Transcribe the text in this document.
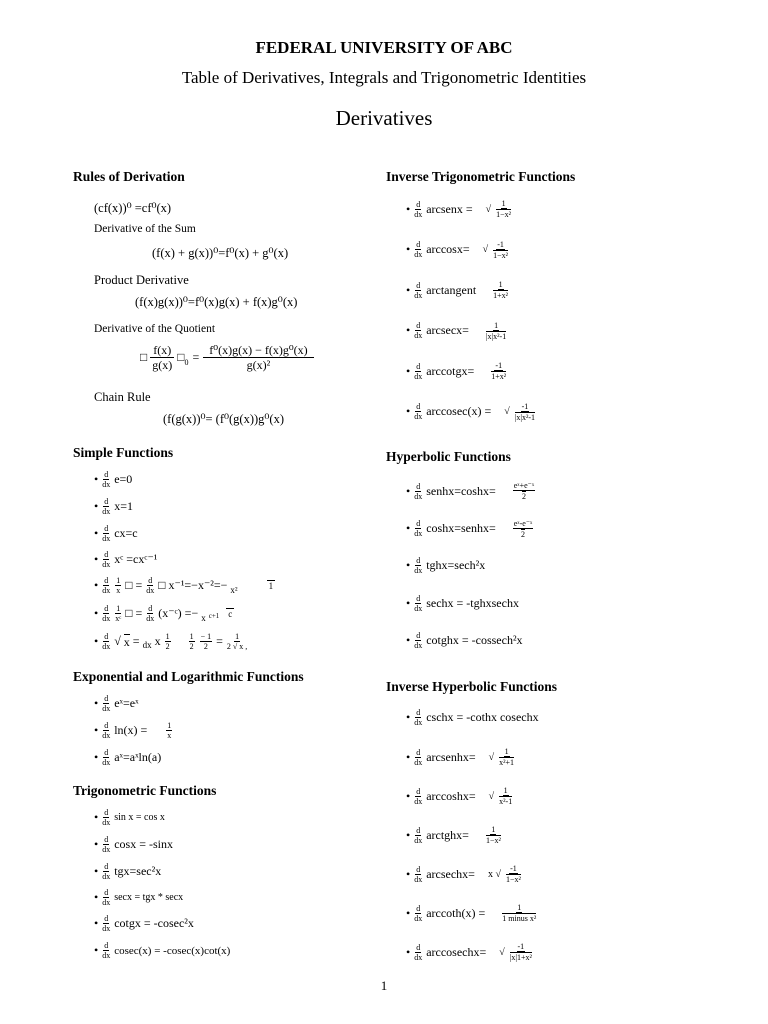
FEDERAL UNIVERSITY OF ABC
Table of Derivatives, Integrals and Trigonometric Identities
Derivatives
Rules of Derivation
(cf(x))⁰ =cf⁰(x)
Derivative of the Sum
(f(x) + g(x))⁰=f⁰(x) + g⁰(x)
Product Derivative
(f(x)g(x))⁰=f⁰(x)g(x) + f(x)g⁰(x)
Derivative of the Quotient
□ $\frac{f(x)}{g(x)}$ □ $0 = \frac{\text{f⁰(x)g(x) − f(x)g⁰(x)}}{\text{g(x)²}}$
Chain Rule
(f(g(x))⁰= (f⁰(g(x))g⁰(x)
Simple Functions
• $\frac{d}{dx} e=0$
• $\frac{d}{dx} x=1$
• $\frac{d}{dx} cx=c$
• $\frac{d}{dx}$ xᶜ =cxᶜ⁻¹
• $\frac{d}{dx} \frac{1}{x}$ □ = $\frac{d}{dx}$ □ x⁻¹=−x⁻²=− x²	1
• $\frac{d}{dx} \frac{1}{\text{xᶜ}}$ □ = $\frac{d}{dx}$ (x⁻ᶜ) =− x c+1 c
• $\frac{d}{dx}$ √ x = dx x $\frac{1}{2} \frac{1}{2} \frac{- 1}{2} = \frac{1}{2 √ x ,}$
Exponential and Logarithmic Functions
• $\frac{d}{dx}$ eˣ=eˣ
• $\frac{d}{dx} \ln(x) = \frac{1}{x}$
• $\frac{d}{dx}$ aˣ=aˣln(a)
Trigonometric Functions
• $\frac{d}{dx}$ sin x = cos x
• $\frac{d}{dx}$ cosx = -sinx
• $\frac{d}{dx} tgx=\sec^2x$
• $\frac{d}{dx}$ secx = tgx * secx
• $\frac{d}{dx}$ cotgx = -cosec²x
• $\frac{d}{dx} cosec(x) = -cosec(x)\cot(x)$
Inverse Trigonometric Functions
• $\frac{d}{dx}$ arcsenx = √ $\frac{1}{\text{1−x²}}$
• $\frac{d}{dx} \arccos x=$ √ $\frac{-1}{\text{1−x²}}$
• $\frac{d}{dx}$ arctangent $\frac{1}{\text{1+x²}}$
• $\frac{d}{dx} arcsecx= \frac{1}{\text{|x|x²-1}}$
• $\frac{d}{dx}$ arccotgx= $\frac{-1}{\text{1+x²}}$
• $\frac{d}{dx}$ arccosec(x) = √ $\frac{-1}{\text{|x|x²-1}}$
Hyperbolic Functions
• $\frac{d}{dx}$ senhx=coshx= $\frac{\text{eˣ+e⁻ˣ}}{2}$
• $\frac{d}{dx}$ coshx=senhx= $\frac{\text{eˣ-e⁻ˣ}}{2}$
• $\frac{d}{dx}$ tghx=sech²x
• $\frac{d}{dx}$ sechx = -tghxsechx
• $\frac{d}{dx}$ cotghx = -cossech²x
Inverse Hyperbolic Functions
• $\frac{d}{dx}$ cschx = -cothx cosechx
• $\frac{d}{dx}$ arcsenhx= √ $\frac{1}{\text{x²+1}}$
• $\frac{d}{dx} arccoshx=$ √ $\frac{1}{\text{x²-1}}$
• $\frac{d}{dx}$ arctghx= $\frac{1}{\text{1−x²}}$
• $\frac{d}{dx}$ arcsechx= x √ $\frac{-1}{\text{1−x²}}$
• $\frac{d}{dx} arccoth(x) = \frac{1}{\text{1 minus x²}}$
• $\frac{d}{dx}$ arccosechx= √ $\frac{-1}{\text{|x|1+x²}}$
1
